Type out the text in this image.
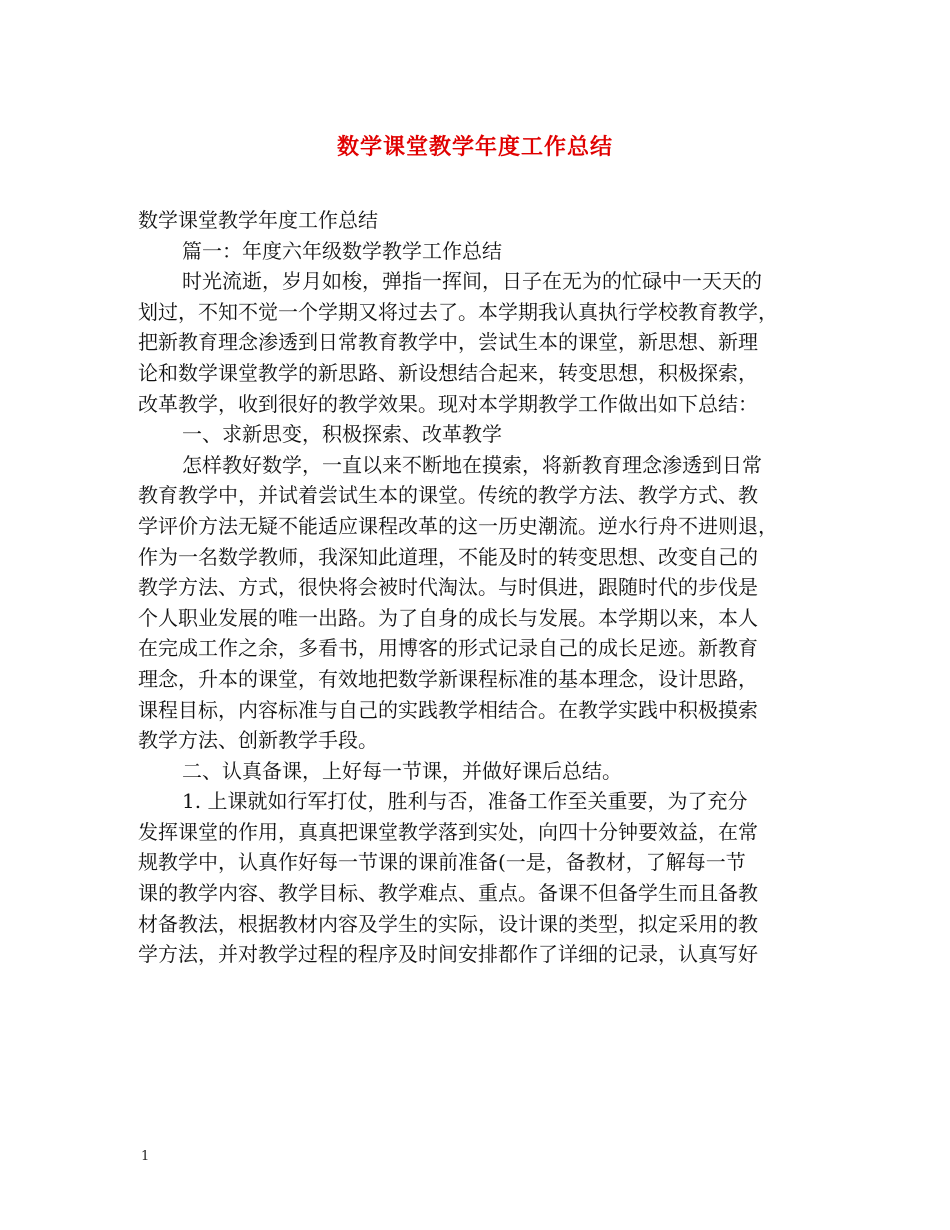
数学课堂教学年度工作总结
数学课堂教学年度工作总结
篇一：年度六年级数学教学工作总结
时光流逝，岁月如梭，弹指一挥间，日子在无为的忙碌中一天天的
划过，不知不觉一个学期又将过去了。本学期我认真执行学校教育教学，
把新教育理念渗透到日常教育教学中，尝试生本的课堂，新思想、新理
论和数学课堂教学的新思路、新设想结合起来，转变思想，积极探索，
改革教学，收到很好的教学效果。现对本学期教学工作做出如下总结：
一、求新思变，积极探索、改革教学
怎样教好数学，一直以来不断地在摸索，将新教育理念渗透到日常
教育教学中，并试着尝试生本的课堂。传统的教学方法、教学方式、教
学评价方法无疑不能适应课程改革的这一历史潮流。逆水行舟不进则退，
作为一名数学教师，我深知此道理，不能及时的转变思想、改变自己的
教学方法、方式，很快将会被时代淘汰。与时俱进，跟随时代的步伐是
个人职业发展的唯一出路。为了自身的成长与发展。本学期以来，本人
在完成工作之余，多看书，用博客的形式记录自己的成长足迹。新教育
理念，升本的课堂，有效地把数学新课程标准的基本理念，设计思路，
课程目标，内容标准与自己的实践教学相结合。在教学实践中积极摸索
教学方法、创新教学手段。
二、认真备课，上好每一节课，并做好课后总结。
1. 上课就如行军打仗，胜利与否，准备工作至关重要，为了充分
发挥课堂的作用，真真把课堂教学落到实处，向四十分钟要效益，在常
规教学中，认真作好每一节课的课前准备(一是，备教材，了解每一节
课的教学内容、教学目标、教学难点、重点。备课不但备学生而且备教
材备教法，根据教材内容及学生的实际，设计课的类型，拟定采用的教
学方法，并对教学过程的程序及时间安排都作了详细的记录，认真写好
1
